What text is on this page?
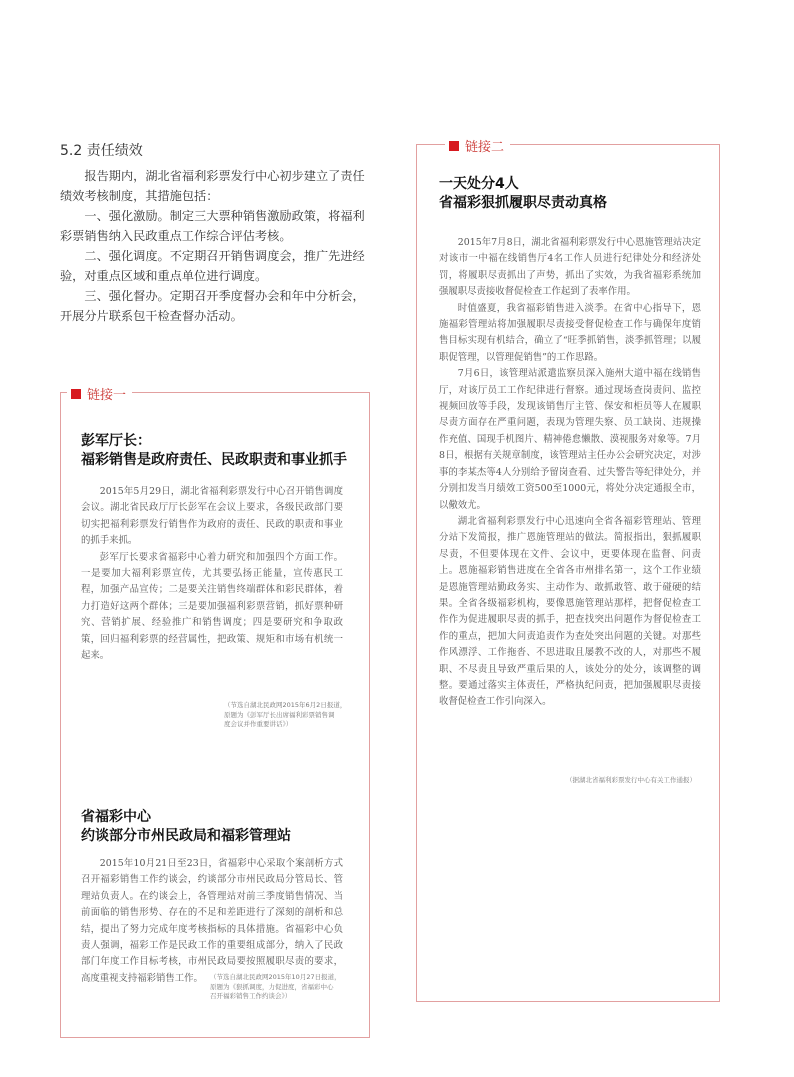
5.2 责任绩效

报告期内，湖北省福利彩票发行中心初步建立了责任绩效考核制度，其措施包括：

一、强化激励。制定三大票种销售激励政策，将福利彩票销售纳入民政重点工作综合评估考核。

二、强化调度。不定期召开销售调度会，推广先进经验，对重点区域和重点单位进行调度。

三、强化督办。定期召开季度督办会和年中分析会，开展分片联系包干检查督办活动。

链接一
彭军厅长：
福彩销售是政府责任、民政职责和事业抓手

2015年5月29日，湖北省福利彩票发行中心召开销售调度会议。湖北省民政厅厅长彭军在会议上要求，各级民政部门要切实把福利彩票发行销售作为政府的责任、民政的职责和事业的抓手来抓。

彭军厅长要求省福彩中心着力研究和加强四个方面工作。一是要加大福利彩票宣传，尤其要弘扬正能量，宣传惠民工程，加强产品宣传；二是要关注销售终端群体和彩民群体，着力打造好这两个群体；三是要加强福利彩票营销，抓好票种研究、营销扩展、经验推广和销售调度；四是要研究和争取政策，回归福利彩票的经营属性，把政策、规矩和市场有机统一起来。

（节选自湖北民政网2015年6月2日报道，
原题为《彭军厅长出席福利彩票销售调
度会议并作重要讲话》）
省福彩中心
约谈部分市州民政局和福彩管理站

2015年10月21日至23日，省福彩中心采取个案剖析方式召开福彩销售工作约谈会，约谈部分市州民政局分管局长、管理站负责人。在约谈会上，各管理站对前三季度销售情况、当前面临的销售形势、存在的不足和差距进行了深刻的剖析和总结，提出了努力完成年度考核指标的具体措施。省福彩中心负责人强调，福彩工作是民政工作的重要组成部分，纳入了民政部门年度工作目标考核，市州民政局要按照履职尽责的要求，高度重视支持福彩销售工作。	（节选自湖北民政网2015年10月27日报道，
原题为《狠抓调度，力促进度，省福彩中心
召开福彩销售工作约谈会》）
链接二
一天处分4人
省福彩狠抓履职尽责动真格

2015年7月8日，湖北省福利彩票发行中心恩施管理站决定对该市一中福在线销售厅4名工作人员进行纪律处分和经济处罚，将履职尽责抓出了声势，抓出了实效，为我省福彩系统加强履职尽责接收督促检查工作起到了表率作用。

时值盛夏，我省福彩销售进入淡季。在省中心指导下，恩施福彩管理站将加强履职尽责接受督促检查工作与确保年度销售目标实现有机结合，确立了“旺季抓销售，淡季抓管理；以履职促管理，以管理促销售”的工作思路。

7月6日，该管理站派遣监察员深入施州大道中福在线销售厅，对该厅员工工作纪律进行督察。通过现场查岗责问、监控视频回放等手段，发现该销售厅主管、保安和柜员等人在履职尽责方面存在严重问题，表现为管理失察、员工缺岗、违规操作充值、国现手机图片、精神倦怠懒散、漠视服务对象等。7月8日，根据有关规章制度，该管理站主任办公会研究决定，对涉事的李某杰等4人分别给予留岗查看、过失警告等纪律处分，并分别扣发当月绩效工资500至1000元，将处分决定通报全市，以儆效尤。

湖北省福利彩票发行中心迅速向全省各福彩管理站、管理分站下发简报，推广恩施管理站的做法。简报指出，狠抓履职尽责，不但要体现在文件、会议中，更要体现在监督、问责上。恩施福彩销售进度在全省各市州排名第一，这个工作业绩是恩施管理站勤政务实、主动作为、敢抓敢管、敢于碰硬的结果。全省各级福彩机构，要像恩施管理站那样，把督促检查工作作为促进履职尽责的抓手，把查找突出问题作为督促检查工作的重点，把加大问责追责作为查处突出问题的关键。对那些作风漂浮、工作拖沓、不思进取且屡教不改的人，对那些不履职、不尽责且导致严重后果的人，该处分的处分，该调整的调整。要通过落实主体责任，严格执纪问责，把加强履职尽责接收督促检查工作引向深入。

（据湖北省福利彩票发行中心有关工作通报）
